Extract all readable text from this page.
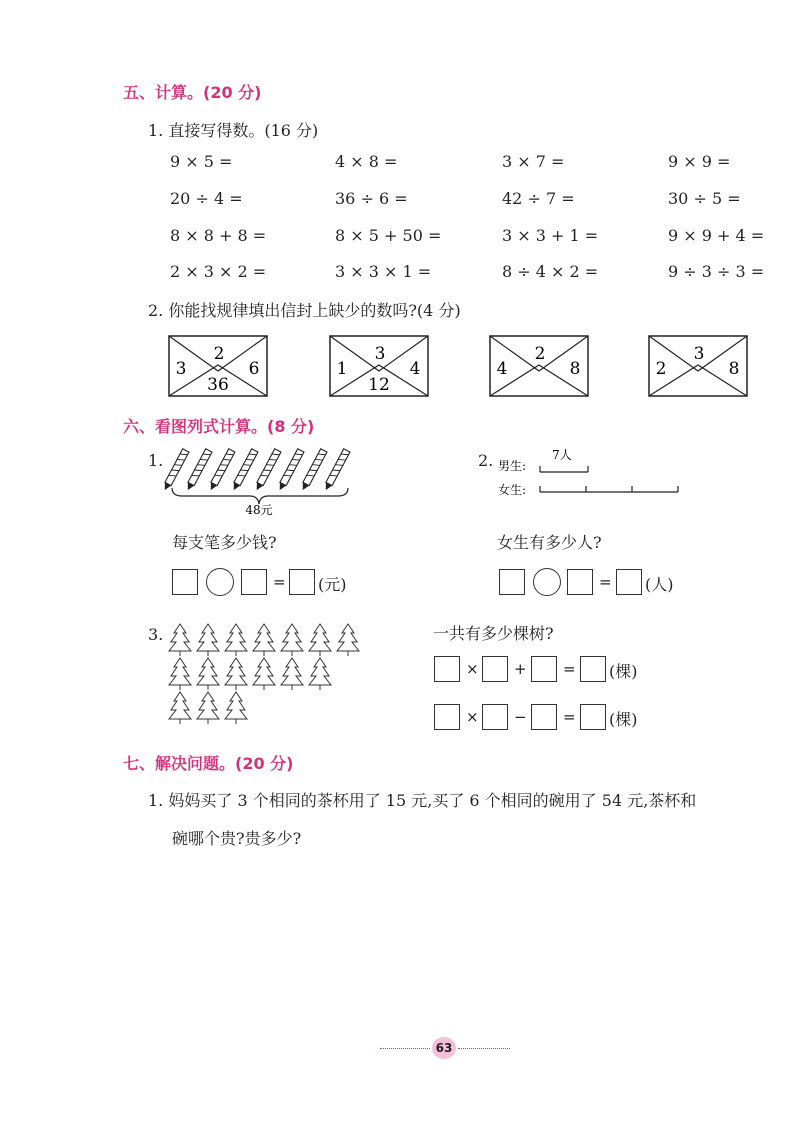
五、计算。(20 分)
1. 直接写得数。(16 分)
9 × 5 =	4 × 8 =	3 × 7 =	9 × 9 =
20 ÷ 4 =	36 ÷ 6 =	42 ÷ 7 =	30 ÷ 5 =
8 × 8 + 8 =	8 × 5 + 50 =	3 × 3 + 1 =	9 × 9 + 4 =
2 × 3 × 2 =	3 × 3 × 1 =	8 ÷ 4 × 2 =	9 ÷ 3 ÷ 3 =
2. 你能找规律填出信封上缺少的数吗?(4 分)
2
3	6
36
3
1	4
12
2
4	8
3
2	8
六、看图列式计算。(8 分)
1.
48元
每支笔多少钱?
= (元)
2. 男生:
女生:
7人
女生有多少人?
= (人)
3.	一共有多少棵树?
× + = (棵)
× − = (棵)
七、解决问题。(20 分)
1. 妈妈买了 3 个相同的茶杯用了 15 元,买了 6 个相同的碗用了 54 元,茶杯和
碗哪个贵?贵多少?
63
